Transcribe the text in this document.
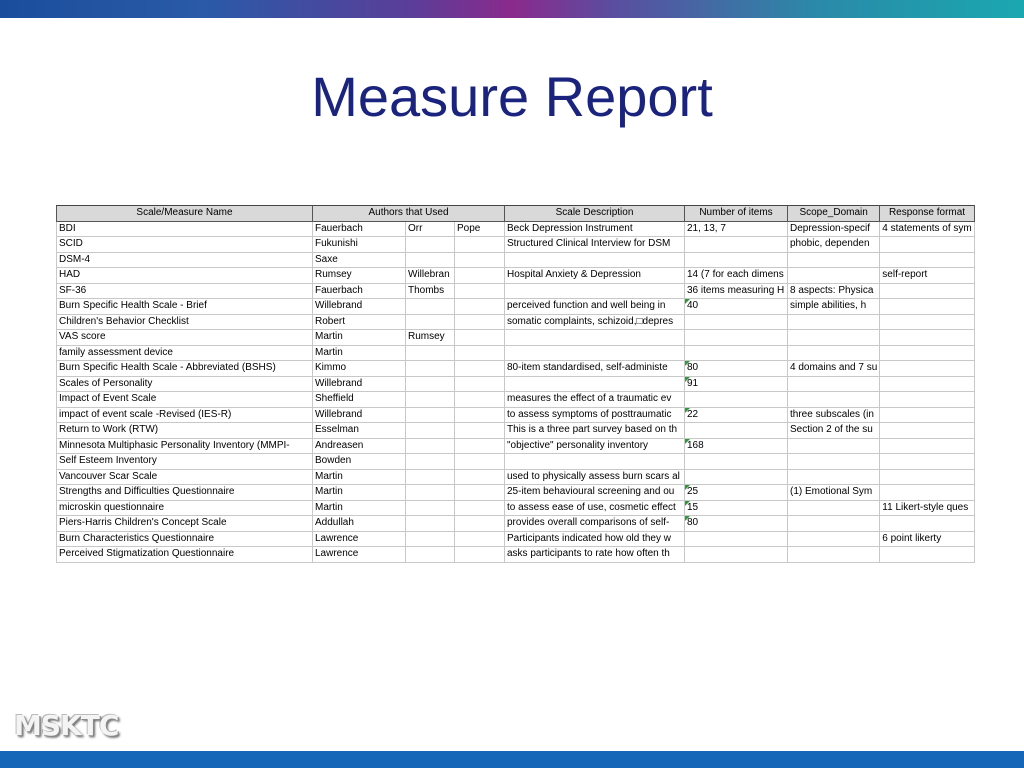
Measure Report
Scale/Measure Name	Authors that Used			Scale Description	Number of items	Scope_Domain	Response format
BDI	Fauerbach	Orr	Pope	Beck Depression Instrument	21, 13, 7	Depression-specif	4 statements of sym
SCID	Fukunishi			Structured Clinical Interview for DSM		phobic, dependen	
DSM-4	Saxe						
HAD	Rumsey	Willebran		Hospital Anxiety & Depression	14 (7 for each dimens		self-report
SF-36	Fauerbach	Thombs			36 items measuring H	8 aspects: Physica	
Burn Specific Health Scale - Brief	Willebrand			perceived function and well being in	40	simple abilities, h	
Children's Behavior Checklist	Robert			somatic complaints, schizoid,□depres			
VAS score	Martin	Rumsey					
family assessment device	Martin						
Burn Specific Health Scale - Abbreviated (BSHS)	Kimmo			80-item standardised, self-administe	80	4 domains and 7 su	
Scales of Personality	Willebrand				91		
Impact of Event Scale	Sheffield			measures the effect of a traumatic ev			
impact of event scale -Revised (IES-R)	Willebrand			to assess symptoms of posttraumatic	22	three subscales (in	
Return to Work (RTW)	Esselman			This is a three part survey based on th		Section 2 of the su	
Minnesota Multiphasic Personality Inventory (MMPI-	Andreasen			"objective" personality inventory	168		
Self Esteem Inventory	Bowden						
Vancouver Scar Scale	Martin			used to physically assess burn scars al			
Strengths and Difficulties Questionnaire	Martin			25-item behavioural screening and ou	25	(1) Emotional Sym	
microskin questionnaire	Martin			to assess ease of use, cosmetic effect	15		11 Likert-style ques
Piers-Harris Children's Concept Scale	Addullah			provides overall comparisons of self-	80		
Burn Characteristics Questionnaire	Lawrence			Participants indicated how old they w			6 point likerty
Perceived Stigmatization Questionnaire	Lawrence			asks participants to rate how often th			
MSKTC
